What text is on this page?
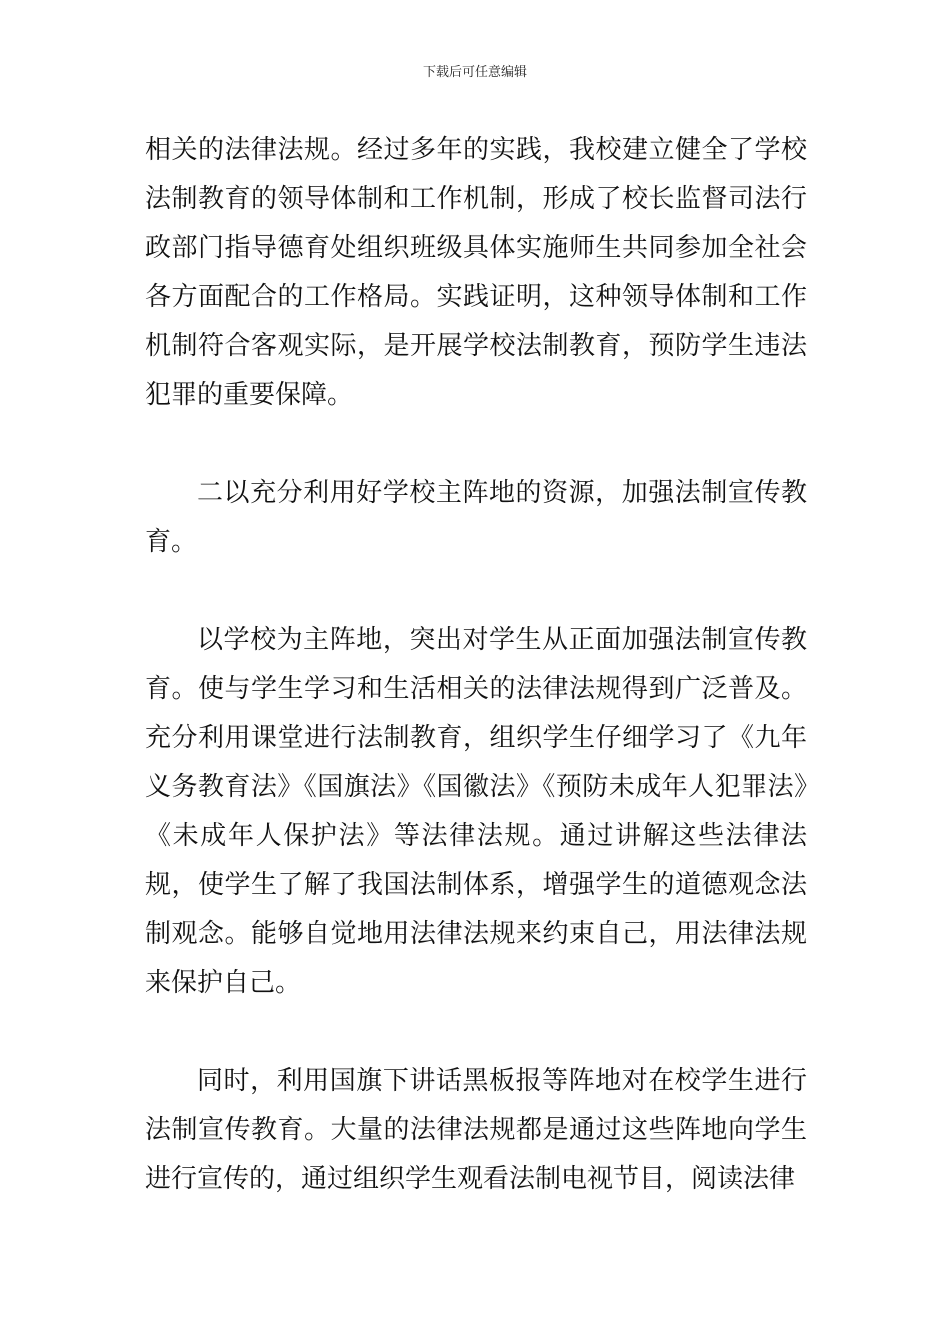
下载后可任意编辑

相关的法律法规。经过多年的实践，我校建立健全了学校法制教育的领导体制和工作机制，形成了校长监督司法行政部门指导德育处组织班级具体实施师生共同参加全社会各方面配合的工作格局。实践证明，这种领导体制和工作机制符合客观实际，是开展学校法制教育，预防学生违法犯罪的重要保障。

二以充分利用好学校主阵地的资源，加强法制宣传教育。

以学校为主阵地，突出对学生从正面加强法制宣传教育。使与学生学习和生活相关的法律法规得到广泛普及。充分利用课堂进行法制教育，组织学生仔细学习了《九年义务教育法》《国旗法》《国徽法》《预防未成年人犯罪法》《未成年人保护法》等法律法规。通过讲解这些法律法规，使学生了解了我国法制体系，增强学生的道德观念法制观念。能够自觉地用法律法规来约束自己，用法律法规来保护自己。

同时，利用国旗下讲话黑板报等阵地对在校学生进行法制宣传教育。大量的法律法规都是通过这些阵地向学生进行宣传的，通过组织学生观看法制电视节目，阅读法律
